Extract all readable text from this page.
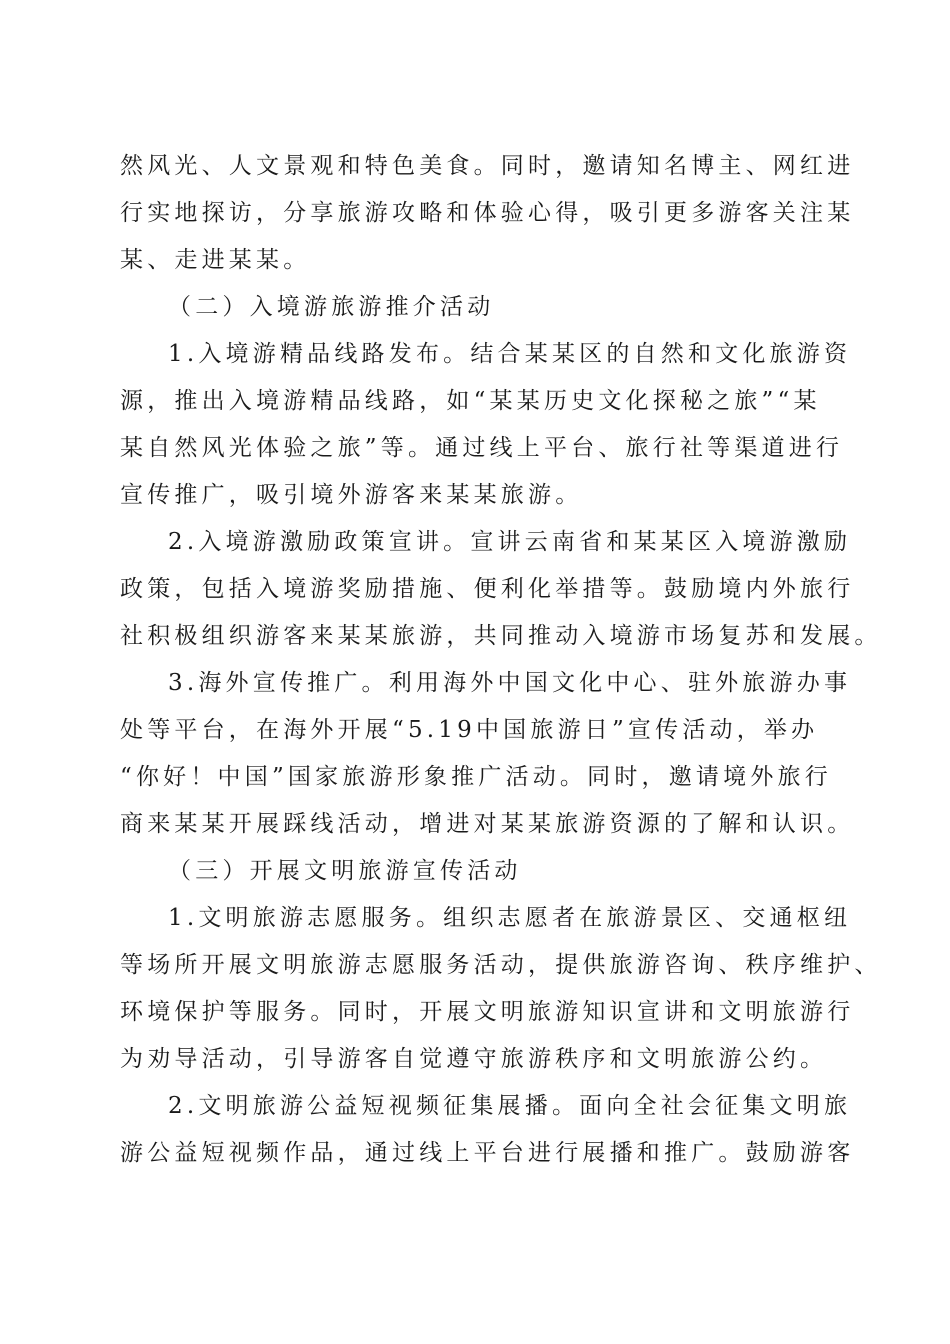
然风光、人文景观和特色美食。同时，邀请知名博主、网红进
行实地探访，分享旅游攻略和体验心得，吸引更多游客关注某
某、走进某某。
（二）入境游旅游推介活动
1.入境游精品线路发布。结合某某区的自然和文化旅游资
源，推出入境游精品线路，如“某某历史文化探秘之旅”“某
某自然风光体验之旅”等。通过线上平台、旅行社等渠道进行
宣传推广，吸引境外游客来某某旅游。
2.入境游激励政策宣讲。宣讲云南省和某某区入境游激励
政策，包括入境游奖励措施、便利化举措等。鼓励境内外旅行
社积极组织游客来某某旅游，共同推动入境游市场复苏和发展。
3.海外宣传推广。利用海外中国文化中心、驻外旅游办事
处等平台，在海外开展“5.19中国旅游日”宣传活动，举办
“你好！中国”国家旅游形象推广活动。同时，邀请境外旅行
商来某某开展踩线活动，增进对某某旅游资源的了解和认识。
（三）开展文明旅游宣传活动
1.文明旅游志愿服务。组织志愿者在旅游景区、交通枢纽
等场所开展文明旅游志愿服务活动，提供旅游咨询、秩序维护、
环境保护等服务。同时，开展文明旅游知识宣讲和文明旅游行
为劝导活动，引导游客自觉遵守旅游秩序和文明旅游公约。
2.文明旅游公益短视频征集展播。面向全社会征集文明旅
游公益短视频作品，通过线上平台进行展播和推广。鼓励游客
